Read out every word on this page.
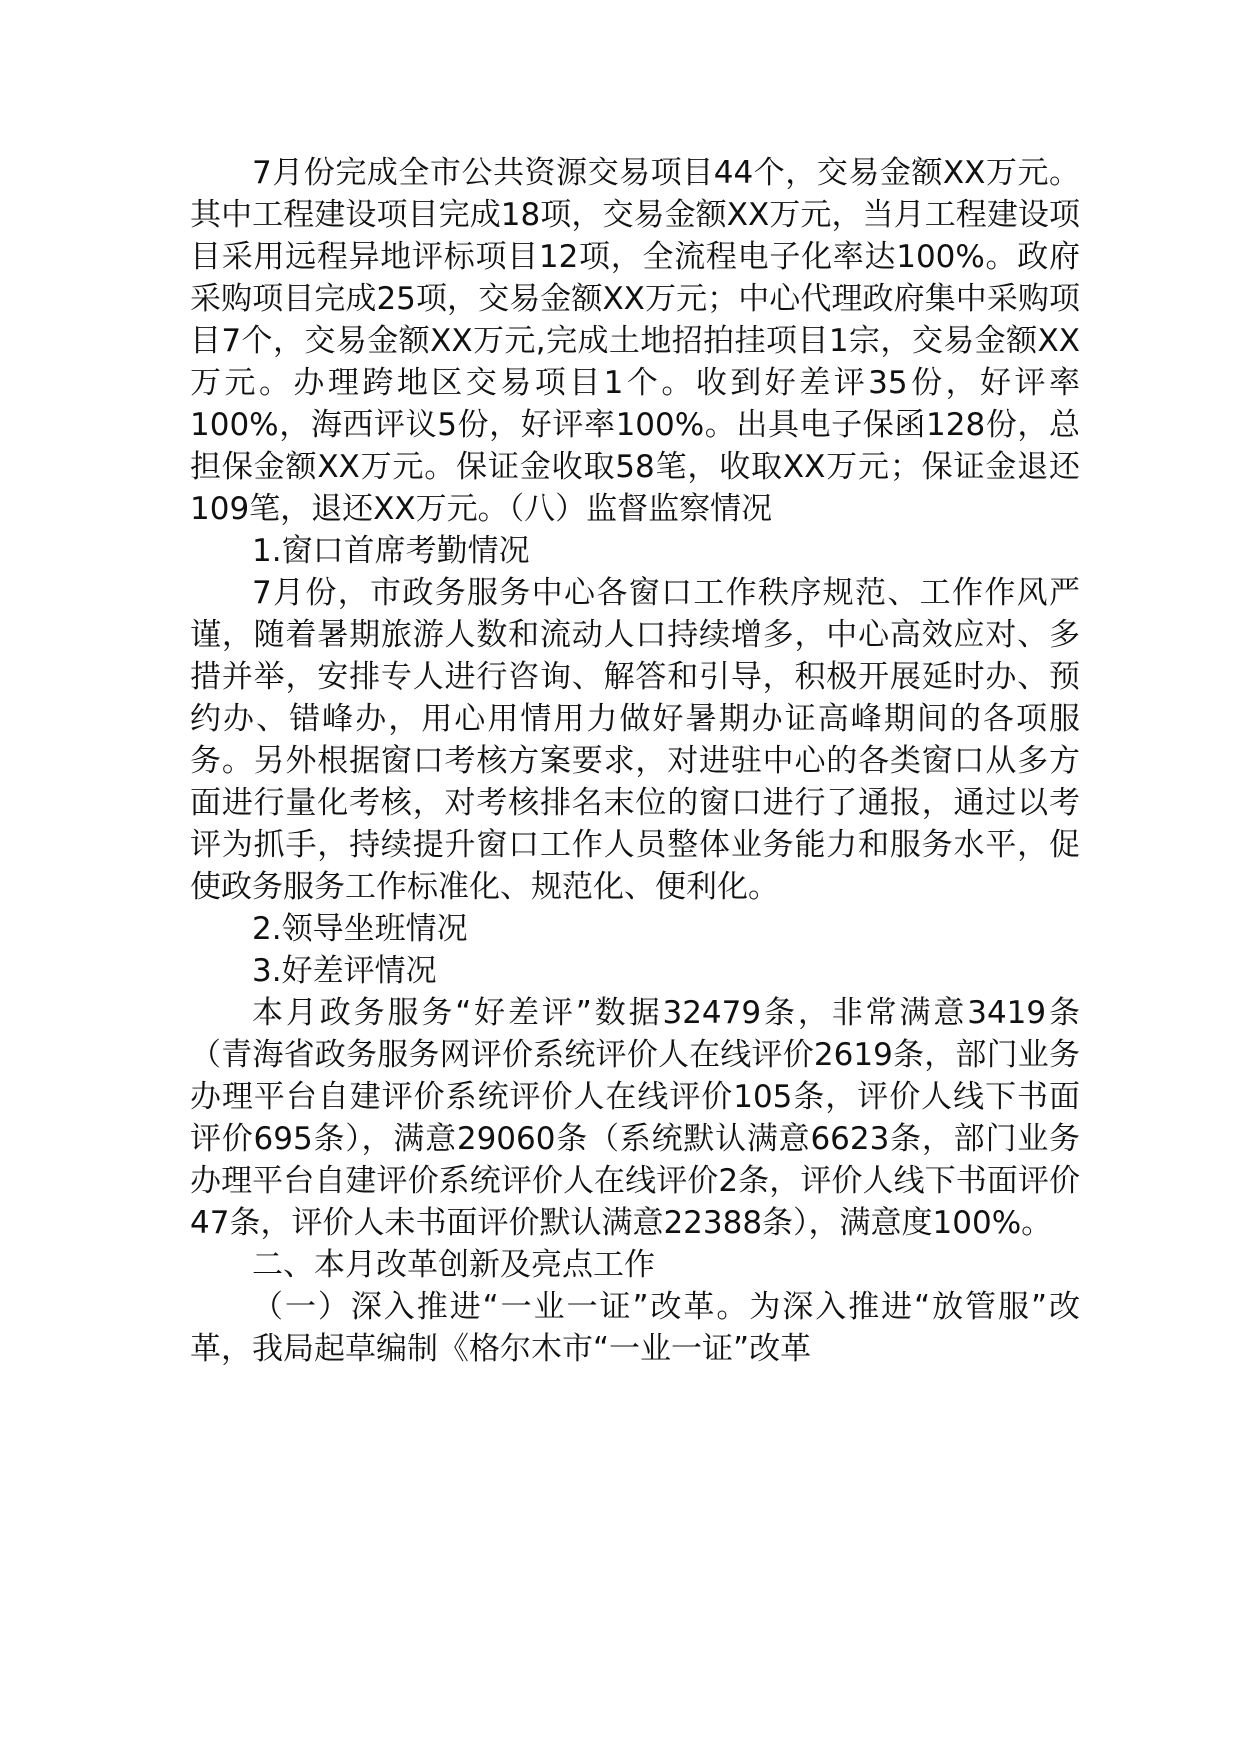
7月份完成全市公共资源交易项目44个，交易金额XX万元。其中工程建设项目完成18项，交易金额XX万元，当月工程建设项目采用远程异地评标项目12项，全流程电子化率达100%。政府采购项目完成25项，交易金额XX万元；中心代理政府集中采购项目7个，交易金额XX万元,完成土地招拍挂项目1宗，交易金额XX万元。办理跨地区交易项目1个。收到好差评35份，好评率100%，海西评议5份，好评率100%。出具电子保函128份，总担保金额XX万元。保证金收取58笔，收取XX万元；保证金退还109笔，退还XX万元。（八）监督监察情况

1.窗口首席考勤情况

7月份，市政务服务中心各窗口工作秩序规范、工作作风严谨，随着暑期旅游人数和流动人口持续增多，中心高效应对、多措并举，安排专人进行咨询、解答和引导，积极开展延时办、预约办、错峰办，用心用情用力做好暑期办证高峰期间的各项服务。另外根据窗口考核方案要求，对进驻中心的各类窗口从多方面进行量化考核，对考核排名末位的窗口进行了通报，通过以考评为抓手，持续提升窗口工作人员整体业务能力和服务水平，促使政务服务工作标准化、规范化、便利化。

2.领导坐班情况

3.好差评情况

本月政务服务“好差评”数据32479条，非常满意3419条（青海省政务服务网评价系统评价人在线评价2619条，部门业务办理平台自建评价系统评价人在线评价105条，评价人线下书面评价695条），满意29060条（系统默认满意6623条，部门业务办理平台自建评价系统评价人在线评价2条，评价人线下书面评价47条，评价人未书面评价默认满意22388条），满意度100%。

二、本月改革创新及亮点工作

（一）深入推进“一业一证”改革。为深入推进“放管服”改革，我局起草编制《格尔木市“一业一证”改革
